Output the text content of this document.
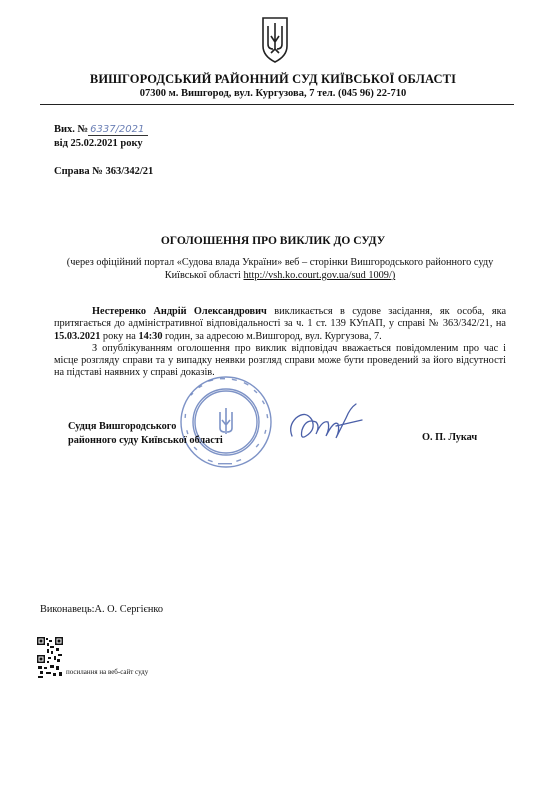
ВИШГОРОДСЬКИЙ РАЙОННИЙ СУД КИЇВСЬКОЇ ОБЛАСТІ
07300 м. Вишгород, вул. Кургузова, 7 тел. (045 96) 22-710
Вих. № 6337/2021
від 25.02.2021 року
Справа № 363/342/21
ОГОЛОШЕННЯ ПРО ВИКЛИК ДО СУДУ
(через офіційний портал «Судова влада України» веб – сторінки Вишгородського районного суду Київської області http://vsh.ko.court.gov.ua/sud 1009/)

Нестеренко Андрій Олександрович викликається в судове засідання, як особа, яка притягається до адміністративної відповідальності за ч. 1 ст. 139 КУпАП, у справі № 363/342/21, на 15.03.2021 року на 14:30 годин, за адресою м.Вишгород, вул. Кургузова, 7.

З опублікуванням оголошення про виклик відповідач вважається повідомленим про час і місце розгляду справи та у випадку неявки розгляд справи може бути проведений за його відсутності на підставі наявних у справі доказів.

Судця Вишгородського
районного суду Київської області	О. П. Лукач
Виконавець:А. О. Сергієнко
посилання на веб-сайт суду
